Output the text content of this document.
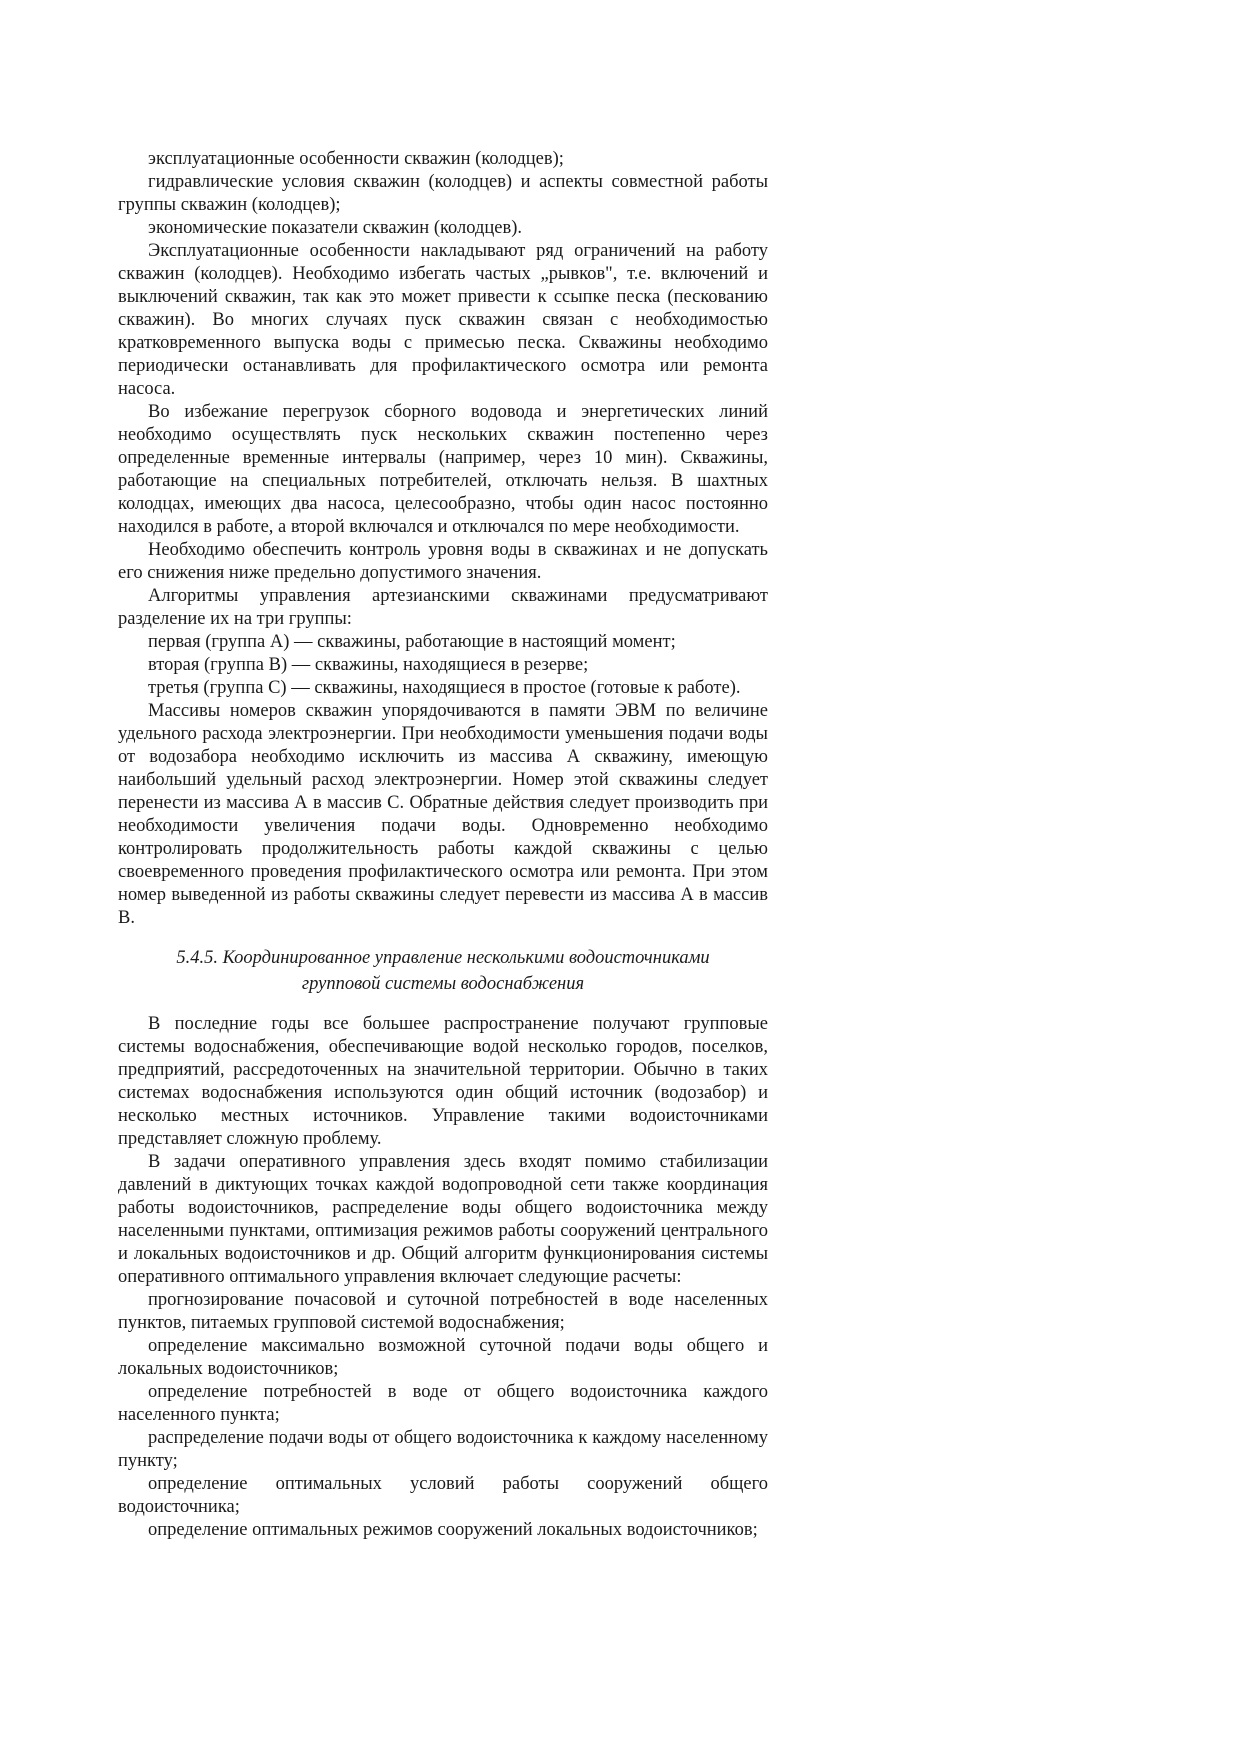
эксплуатационные особенности скважин (колодцев);

гидравлические условия скважин (колодцев) и аспекты совместной работы группы скважин (колодцев);

экономические показатели скважин (колодцев).

Эксплуатационные особенности накладывают ряд ограничений на работу скважин (колодцев). Необходимо избегать частых „рывков", т.е. включений и выключений скважин, так как это может привести к ссыпке песка (пескованию скважин). Во многих случаях пуск скважин связан с необходимостью кратковременного выпуска воды с примесью песка. Скважины необходимо периодически останавливать для профилактического осмотра или ремонта насоса.

Во избежание перегрузок сборного водовода и энергетических линий необходимо осуществлять пуск нескольких скважин постепенно через определенные временные интервалы (например, через 10 мин). Скважины, работающие на специальных потребителей, отключать нельзя. В шахтных колодцах, имеющих два насоса, целесообразно, чтобы один насос постоянно находился в работе, а второй включался и отключался по мере необходимости.

Необходимо обеспечить контроль уровня воды в скважинах и не допускать его снижения ниже предельно допустимого значения.

Алгоритмы управления артезианскими скважинами предусматривают разделение их на три группы:

первая (группа А) — скважины, работающие в настоящий момент;

вторая (группа В) — скважины, находящиеся в резерве;

третья (группа С) — скважины, находящиеся в простое (готовые к работе).

Массивы номеров скважин упорядочиваются в памяти ЭВМ по величине удельного расхода электроэнергии. При необходимости уменьшения подачи воды от водозабора необходимо исключить из массива А скважину, имеющую наибольший удельный расход электроэнергии. Номер этой скважины следует перенести из массива А в массив С. Обратные действия следует производить при необходимости увеличения подачи воды. Одновременно необходимо контролировать продолжительность работы каждой скважины с целью своевременного проведения профилактического осмотра или ремонта. При этом номер выведенной из работы скважины следует перевести из массива А в массив В.

5.4.5. Координированное управление несколькими водоисточниками
групповой системы водоснабжения

В последние годы все большее распространение получают групповые системы водоснабжения, обеспечивающие водой несколько городов, поселков, предприятий, рассредоточенных на значительной территории. Обычно в таких системах водоснабжения используются один общий источник (водозабор) и несколько местных источников. Управление такими водоисточниками представляет сложную проблему.

В задачи оперативного управления здесь входят помимо стабилизации давлений в диктующих точках каждой водопроводной сети также координация работы водоисточников, распределение воды общего водоисточника между населенными пунктами, оптимизация режимов работы сооружений центрального и локальных водоисточников и др. Общий алгоритм функционирования системы оперативного оптимального управления включает следующие расчеты:

прогнозирование почасовой и суточной потребностей в воде населенных пунктов, питаемых групповой системой водоснабжения;

определение максимально возможной суточной подачи воды общего и локальных водоисточников;

определение потребностей в воде от общего водоисточника каждого населенного пункта;

распределение подачи воды от общего водоисточника к каждому населенному пункту;

определение оптимальных условий работы сооружений общего водоисточника;

определение оптимальных режимов сооружений локальных водоисточников;
